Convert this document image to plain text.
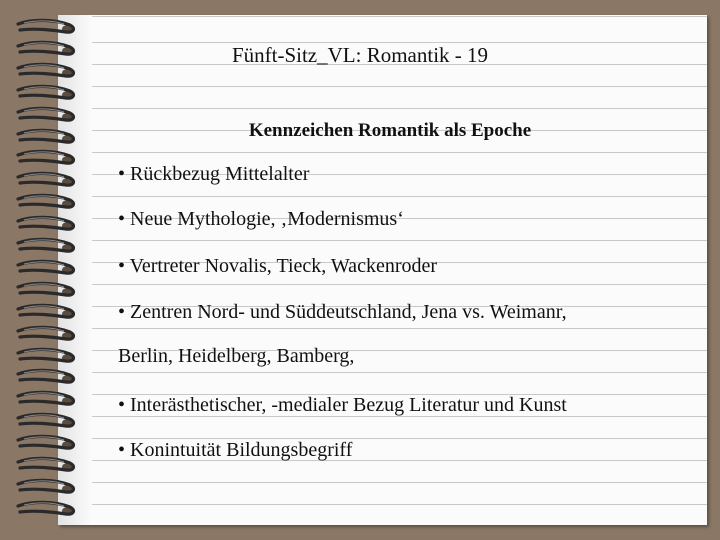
Fünft-Sitz_VL: Romantik - 19
Kennzeichen Romantik als Epoche
• Rückbezug Mittelalter
• Neue Mythologie, ‚Modernismus‘
• Vertreter Novalis, Tieck, Wackenroder
• Zentren Nord- und Süddeutschland, Jena vs. Weimanr,
Berlin, Heidelberg, Bamberg,
• Interästhetischer, -medialer Bezug Literatur und Kunst
• Konintuität Bildungsbegriff
